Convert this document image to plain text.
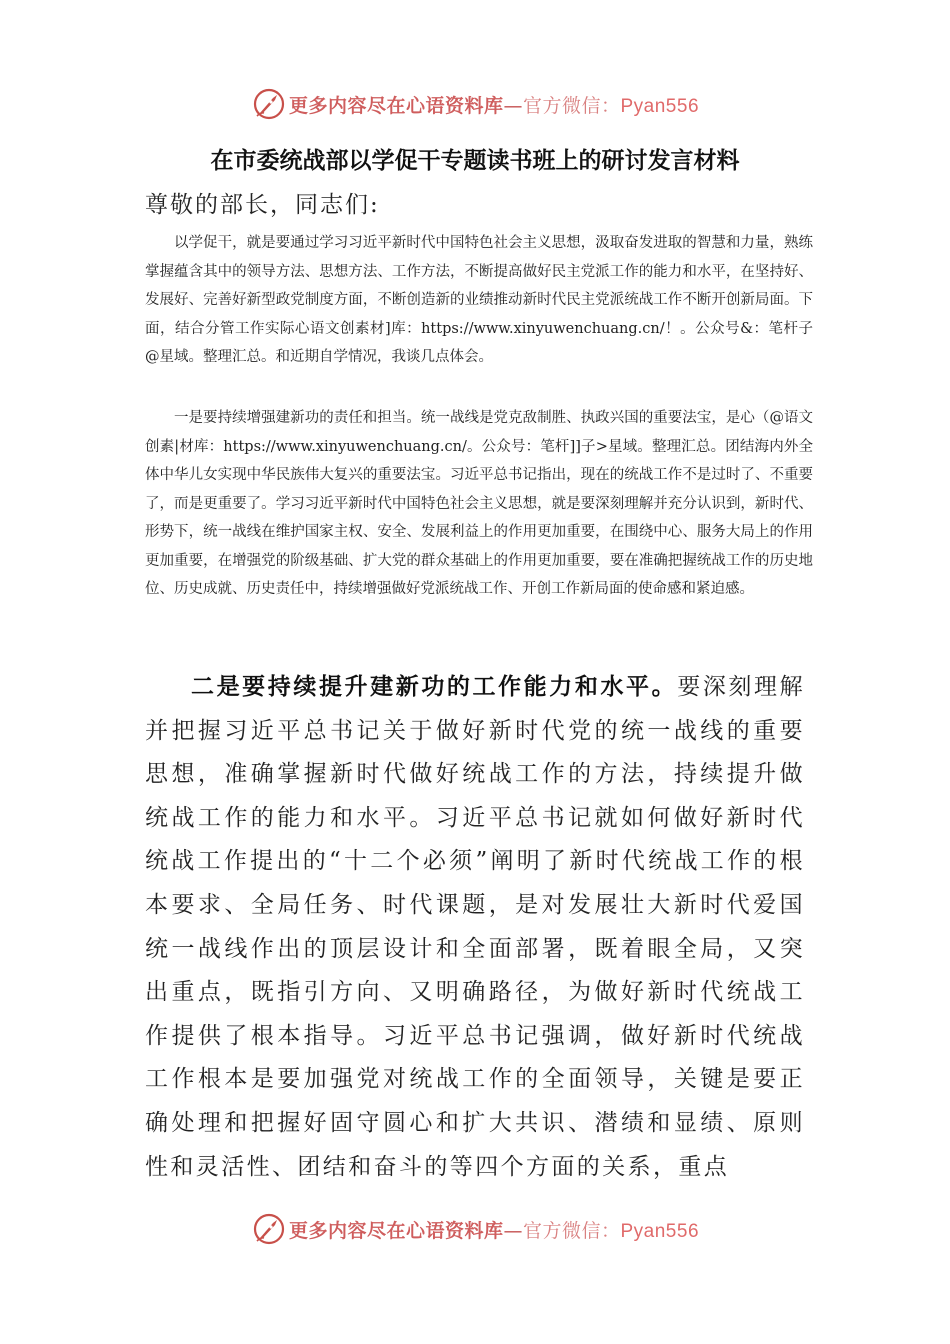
更多内容尽在心语资料库—官方微信：Pyan556
在市委统战部以学促干专题读书班上的研讨发言材料
尊敬的部长，同志们:
以学促干，就是要通过学习习近平新时代中国特色社会主义思想，汲取奋发进取的智慧和力量，熟练掌握蕴含其中的领导方法、思想方法、工作方法，不断提高做好民主党派工作的能力和水平，在坚持好、发展好、完善好新型政党制度方面，不断创造新的业绩推动新时代民主党派统战工作不断开创新局面。下面，结合分管工作实际心语文创素材]库：https://www.xinyuwenchuang.cn/！。公众号&：笔杆子@星域。整理汇总。和近期自学情况，我谈几点体会。
一是要持续增强建新功的责任和担当。统一战线是党克敌制胜、执政兴国的重要法宝，是心（@语文创素|材库：https://www.xinyuwenchuang.cn/。公众号：笔杆]]子>星域。整理汇总。团结海内外全体中华儿女实现中华民族伟大复兴的重要法宝。习近平总书记指出，现在的统战工作不是过时了、不重要了，而是更重要了。学习习近平新时代中国特色社会主义思想，就是要深刻理解并充分认识到，新时代、形势下，统一战线在维护国家主权、安全、发展利益上的作用更加重要，在围绕中心、服务大局上的作用更加重要，在增强党的阶级基础、扩大党的群众基础上的作用更加重要，要在准确把握统战工作的历史地位、历史成就、历史责任中，持续增强做好党派统战工作、开创工作新局面的使命感和紧迫感。
二是要持续提升建新功的工作能力和水平。要深刻理解并把握习近平总书记关于做好新时代党的统一战线的重要思想，准确掌握新时代做好统战工作的方法，持续提升做统战工作的能力和水平。习近平总书记就如何做好新时代统战工作提出的“十二个必须”阐明了新时代统战工作的根本要求、全局任务、时代课题，是对发展壮大新时代爱国统一战线作出的顶层设计和全面部署，既着眼全局，又突出重点，既指引方向、又明确路径，为做好新时代统战工作提供了根本指导。习近平总书记强调，做好新时代统战工作根本是要加强党对统战工作的全面领导，关键是要正确处理和把握好固守圆心和扩大共识、潜绩和显绩、原则性和灵活性、团结和奋斗的等四个方面的关系，重点
更多内容尽在心语资料库—官方微信：Pyan556
